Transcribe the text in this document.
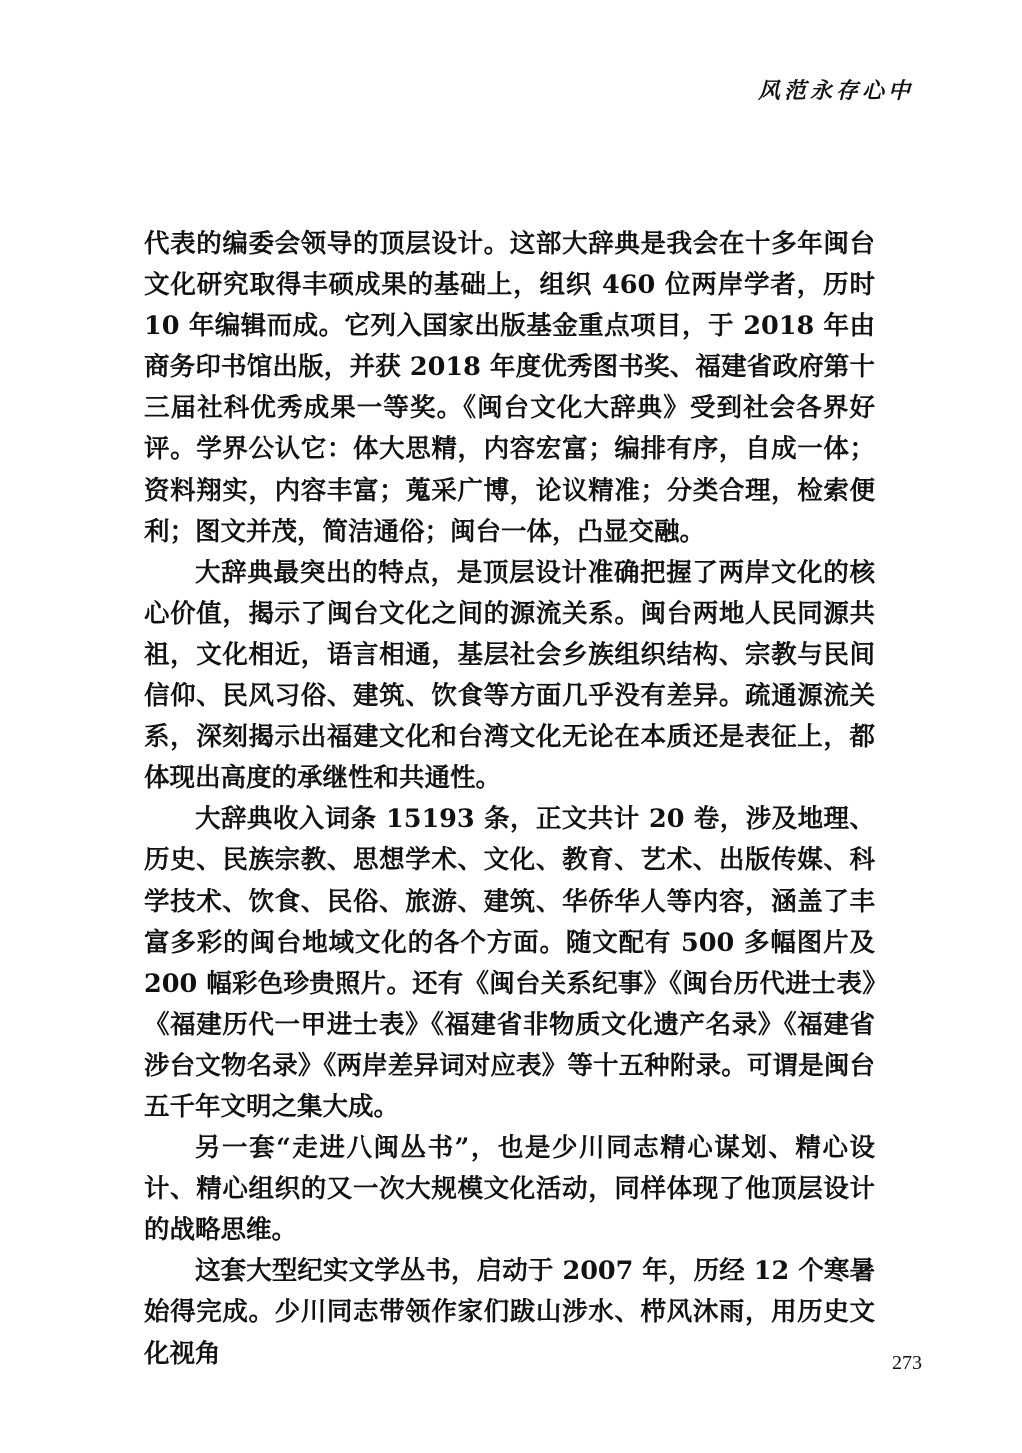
风范永存心中

代表的编委会领导的顶层设计。这部大辞典是我会在十多年闽台文化研究取得丰硕成果的基础上，组织 460 位两岸学者，历时 10 年编辑而成。它列入国家出版基金重点项目，于 2018 年由商务印书馆出版，并获 2018 年度优秀图书奖、福建省政府第十三届社科优秀成果一等奖。《闽台文化大辞典》受到社会各界好评。学界公认它：体大思精，内容宏富；编排有序，自成一体；资料翔实，内容丰富；蒐采广博，论议精准；分类合理，检索便利；图文并茂，简洁通俗；闽台一体，凸显交融。

大辞典最突出的特点，是顶层设计准确把握了两岸文化的核心价值，揭示了闽台文化之间的源流关系。闽台两地人民同源共祖，文化相近，语言相通，基层社会乡族组织结构、宗教与民间信仰、民风习俗、建筑、饮食等方面几乎没有差异。疏通源流关系，深刻揭示出福建文化和台湾文化无论在本质还是表征上，都体现出高度的承继性和共通性。

大辞典收入词条 15193 条，正文共计 20 卷，涉及地理、历史、民族宗教、思想学术、文化、教育、艺术、出版传媒、科学技术、饮食、民俗、旅游、建筑、华侨华人等内容，涵盖了丰富多彩的闽台地域文化的各个方面。随文配有 500 多幅图片及 200 幅彩色珍贵照片。还有《闽台关系纪事》《闽台历代进士表》《福建历代一甲进士表》《福建省非物质文化遗产名录》《福建省涉台文物名录》《两岸差异词对应表》等十五种附录。可谓是闽台五千年文明之集大成。

另一套“走进八闽丛书”，也是少川同志精心谋划、精心设计、精心组织的又一次大规模文化活动，同样体现了他顶层设计的战略思维。

这套大型纪实文学丛书，启动于 2007 年，历经 12 个寒暑始得完成。少川同志带领作家们跋山涉水、栉风沐雨，用历史文化视角	273
